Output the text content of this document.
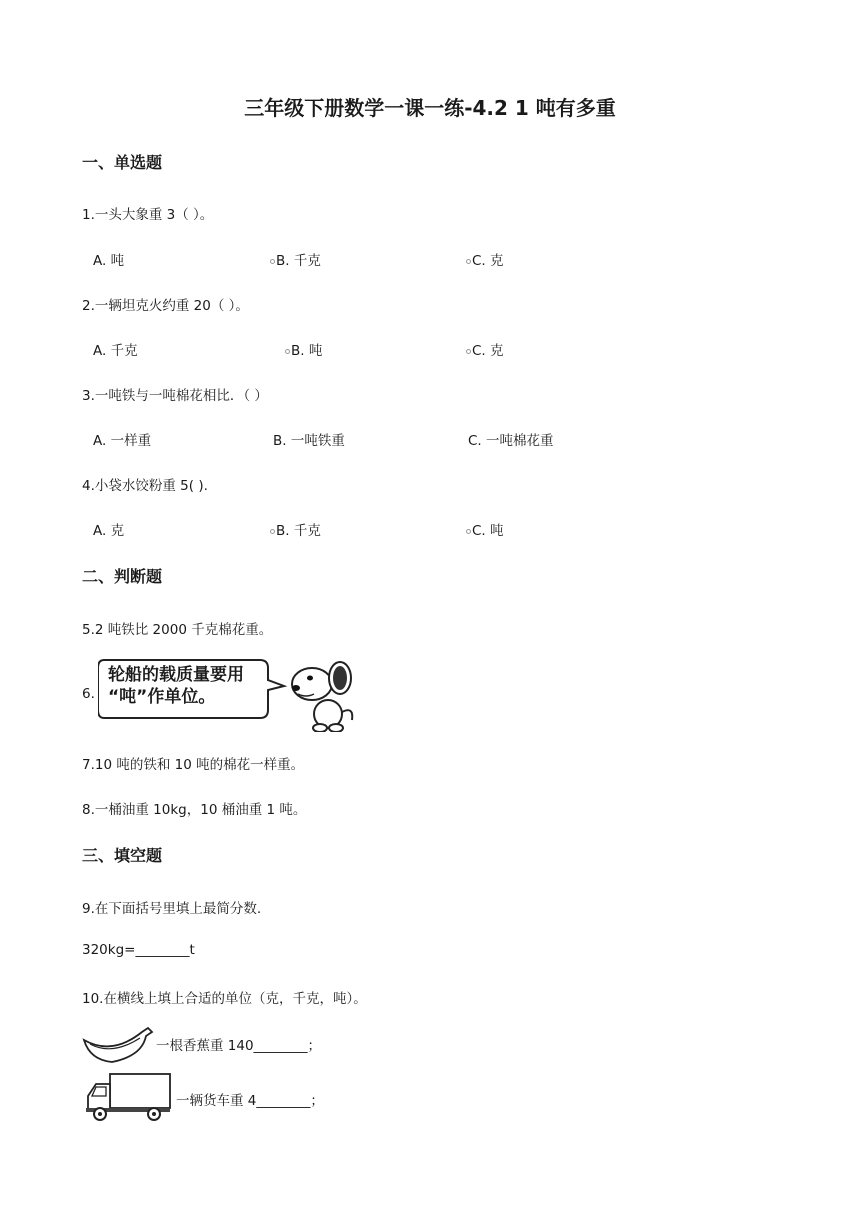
三年级下册数学一课一练-4.2 1 吨有多重
一、单选题
1.一头大象重 3（ ）。
A. 吨	B. 千克	C. 克
2.一辆坦克火约重 20（ ）。
A. 千克	B. 吨	C. 克
3.一吨铁与一吨棉花相比．（ ）
A. 一样重	B. 一吨铁重	C. 一吨棉花重
4.小袋水饺粉重 5( ).
A. 克	B. 千克	C. 吨
二、判断题
5.2 吨铁比 2000 千克棉花重。
6.
轮船的载质量要用
“吨”作单位。
7.10 吨的铁和 10 吨的棉花一样重。
8.一桶油重 10kg，10 桶油重 1 吨。
三、填空题
9.在下面括号里填上最简分数.
320kg=________t
10.在横线上填上合适的单位（克，千克，吨）。
一根香蕉重 140________；
一辆货车重 4________；
